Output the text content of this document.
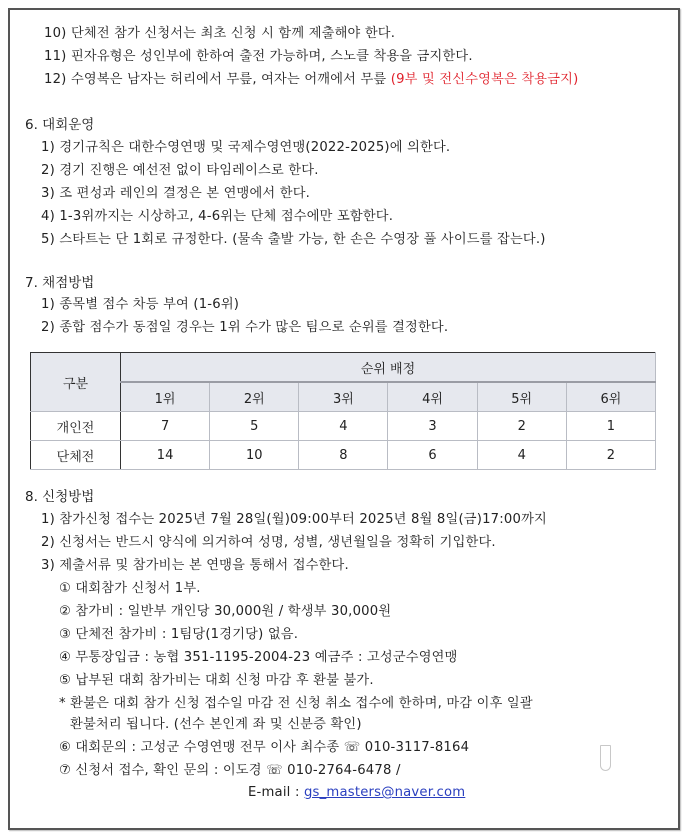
10) 단체전 참가 신청서는 최초 신청 시 함께 제출해야 한다.
11) 핀자유형은 성인부에 한하여 출전 가능하며, 스노클 착용을 금지한다.
12) 수영복은 남자는 허리에서 무릎, 여자는 어깨에서 무릎 (9부 및 전신수영복은 착용금지)
6. 대회운영
1) 경기규칙은 대한수영연맹 및 국제수영연맹(2022-2025)에 의한다.
2) 경기 진행은 예선전 없이 타임레이스로 한다.
3) 조 편성과 레인의 결정은 본 연맹에서 한다.
4) 1-3위까지는 시상하고, 4-6위는 단체 점수에만 포함한다.
5) 스타트는 단 1회로 규정한다. (물속 출발 가능, 한 손은 수영장 풀 사이드를 잡는다.)
7. 채점방법
1) 종목별 점수 차등 부여 (1-6위)
2) 종합 점수가 동점일 경우는 1위 수가 많은 팀으로 순위를 결정한다.
구분	순위 배정					
	1위	2위	3위	4위	5위	6위
개인전	7	5	4	3	2	1
단체전	14	10	8	6	4	2
8. 신청방법
1) 참가신청 접수는 2025년 7월 28일(월)09:00부터 2025년 8월 8일(금)17:00까지
2) 신청서는 반드시 양식에 의거하여 성명, 성별, 생년월일을 정확히 기입한다.
3) 제출서류 및 참가비는 본 연맹을 통해서 접수한다.
① 대회참가 신청서 1부.
② 참가비 : 일반부 개인당 30,000원 / 학생부 30,000원
③ 단체전 참가비 : 1팀당(1경기당) 없음.
④ 무통장입금 : 농협 351-1195-2004-23 예금주 : 고성군수영연맹
⑤ 납부된 대회 참가비는 대회 신청 마감 후 환불 불가.
* 환불은 대회 참가 신청 접수일 마감 전 신청 취소 접수에 한하며, 마감 이후 일괄
환불처리 됩니다. (선수 본인계 좌 및 신분증 확인)
⑥ 대회문의 : 고성군 수영연맹 전무 이사 최수종 ☏ 010-3117-8164
⑦ 신청서 접수, 확인 문의 : 이도경 ☏ 010-2764-6478 /
E-mail : gs_masters@naver.com
